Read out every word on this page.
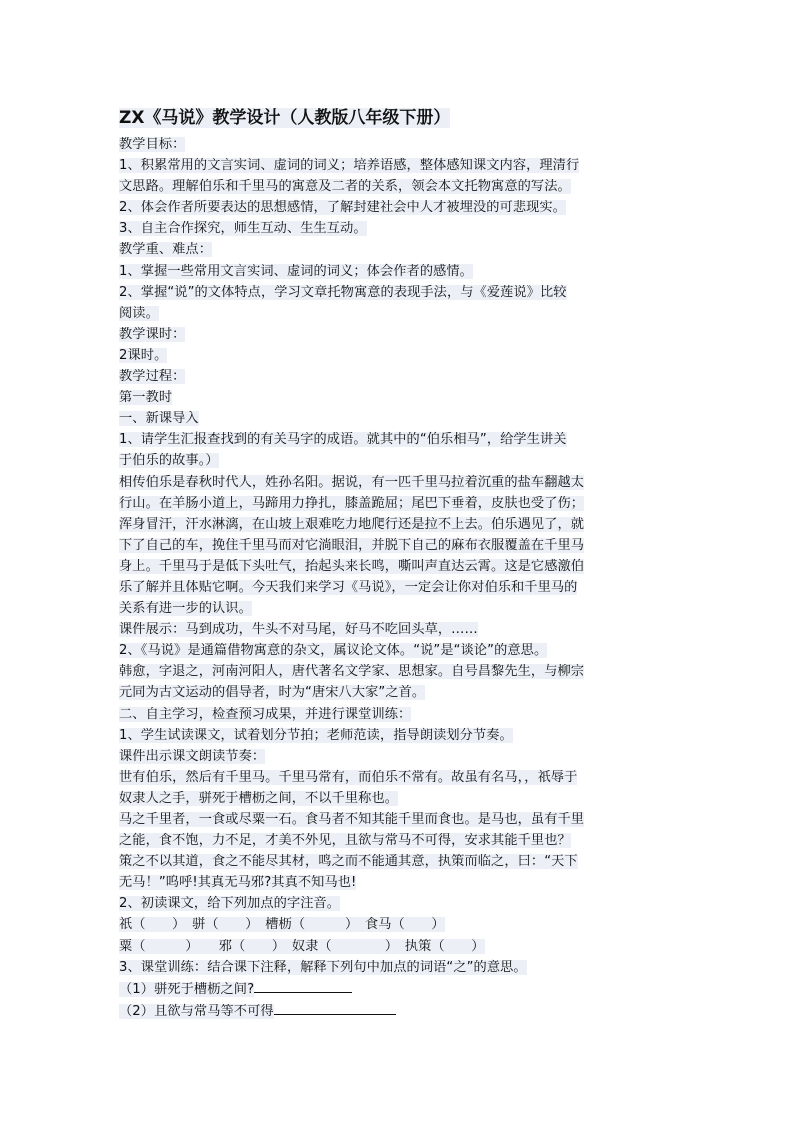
ZX《马说》教学设计（人教版八年级下册）
教学目标：
1、积累常用的文言实词、虚词的词义；培养语感，整体感知课文内容，理清行
文思路。理解伯乐和千里马的寓意及二者的关系，领会本文托物寓意的写法。
2、体会作者所要表达的思想感情，了解封建社会中人才被埋没的可悲现实。
3、自主合作探究，师生互动、生生互动。
教学重、难点：
1、掌握一些常用文言实词、虚词的词义；体会作者的感情。
2、掌握“说”的文体特点，学习文章托物寓意的表现手法，与《爱莲说》比较
阅读。
教学课时：
2课时。
教学过程：
第一教时
一、新课导入
1、请学生汇报查找到的有关马字的成语。就其中的“伯乐相马”，给学生讲关
于伯乐的故事。）
相传伯乐是春秋时代人，姓孙名阳。据说，有一匹千里马拉着沉重的盐车翻越太
行山。在羊肠小道上，马蹄用力挣扎，膝盖跪屈；尾巴下垂着，皮肤也受了伤；
浑身冒汗，汗水淋漓，在山坡上艰难吃力地爬行还是拉不上去。伯乐遇见了，就
下了自己的车，挽住千里马而对它淌眼泪，并脱下自己的麻布衣服覆盖在千里马
身上。千里马于是低下头吐气，抬起头来长鸣，嘶叫声直达云霄。这是它感激伯
乐了解并且体贴它啊。今天我们来学习《马说》，一定会让你对伯乐和千里马的
关系有进一步的认识。
课件展示：马到成功，牛头不对马尾，好马不吃回头草，……
2、《马说》是通篇借物寓意的杂文，属议论文体。“说”是“谈论”的意思。
韩愈，字退之，河南河阳人，唐代著名文学家、思想家。自号昌黎先生，与柳宗
元同为古文运动的倡导者，时为“唐宋八大家”之首。
二、自主学习，检查预习成果，并进行课堂训练：
1、学生试读课文，试着划分节拍；老师范读，指导朗读划分节奏。
课件出示课文朗读节奏：
世有伯乐，然后有千里马。千里马常有，而伯乐不常有。故虽有名马，，祇辱于
奴隶人之手，骈死于槽枥之间，不以千里称也。
马之千里者，一食或尽粟一石。食马者不知其能千里而食也。是马也，虽有千里
之能，食不饱，力不足，才美不外见，且欲与常马不可得，安求其能千里也？
策之不以其道，食之不能尽其材，鸣之而不能通其意，执策而临之，曰：“天下
无马！”呜呼!其真无马邪?其真不知马也!
2、初读课文，给下列加点的字注音。
祇（　　）　骈（　　）　槽枥（　　　）　食马（　　）
粟（　　　）　　邪（　　）　奴隶（　　　　）　执策（　　）
3、课堂训练：结合课下注释，解释下列句中加点的词语“之”的意思。
（1）骈死于槽枥之间?
（2）且欲与常马等不可得
